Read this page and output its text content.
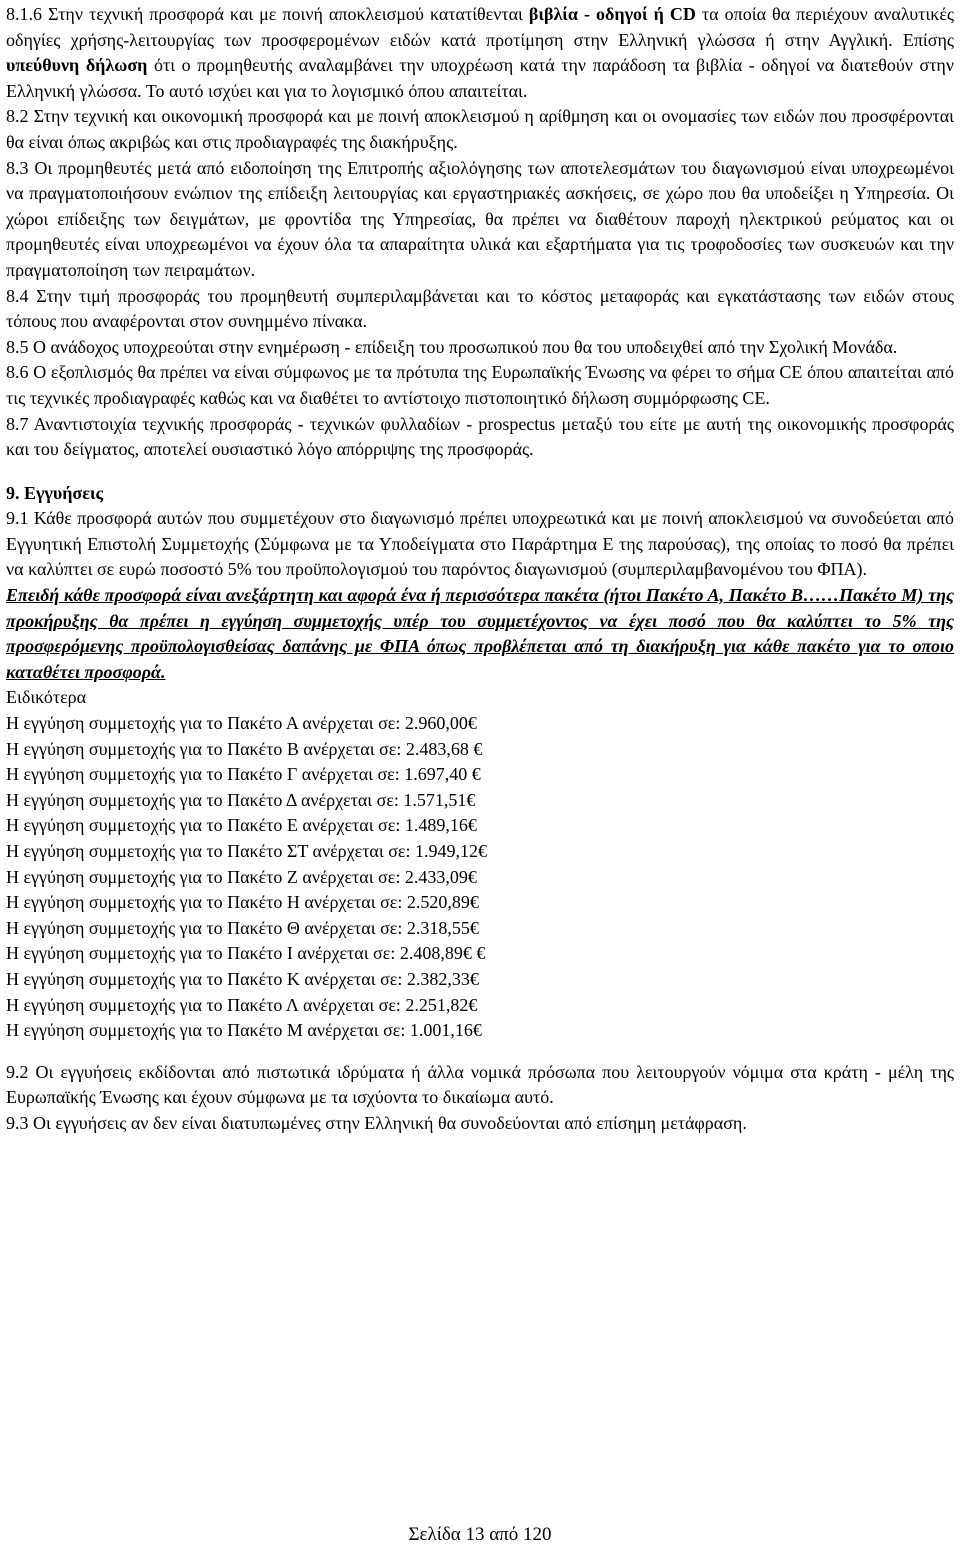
8.1.6 Στην τεχνική προσφορά και με ποινή αποκλεισμού κατατίθενται βιβλία - οδηγοί ή CD τα οποία θα περιέχουν αναλυτικές οδηγίες χρήσης-λειτουργίας των προσφερομένων ειδών κατά προτίμηση στην Ελληνική γλώσσα ή στην Αγγλική. Επίσης υπεύθυνη δήλωση ότι ο προμηθευτής αναλαμβάνει την υποχρέωση κατά την παράδοση τα βιβλία - οδηγοί να διατεθούν στην Ελληνική γλώσσα. Το αυτό ισχύει και για το λογισμικό όπου απαιτείται.

8.2 Στην τεχνική και οικονομική προσφορά και με ποινή αποκλεισμού η αρίθμηση και οι ονομασίες των ειδών που προσφέρονται θα είναι όπως ακριβώς και στις προδιαγραφές της διακήρυξης.

8.3 Οι προμηθευτές μετά από ειδοποίηση της Επιτροπής αξιολόγησης των αποτελεσμάτων του διαγωνισμού είναι υποχρεωμένοι να πραγματοποιήσουν ενώπιον της επίδειξη λειτουργίας και εργαστηριακές ασκήσεις, σε χώρο που θα υποδείξει η Υπηρεσία. Οι χώροι επίδειξης των δειγμάτων, με φροντίδα της Υπηρεσίας, θα πρέπει να διαθέτουν παροχή ηλεκτρικού ρεύματος και οι προμηθευτές είναι υποχρεωμένοι να έχουν όλα τα απαραίτητα υλικά και εξαρτήματα για τις τροφοδοσίες των συσκευών και την πραγματοποίηση των πειραμάτων.

8.4 Στην τιμή προσφοράς του προμηθευτή συμπεριλαμβάνεται και το κόστος μεταφοράς και εγκατάστασης των ειδών στους τόπους που αναφέρονται στον συνημμένο πίνακα.

8.5 Ο ανάδοχος υποχρεούται στην ενημέρωση - επίδειξη του προσωπικού που θα του υποδειχθεί από την Σχολική Μονάδα.

8.6 Ο εξοπλισμός θα πρέπει να είναι σύμφωνος με τα πρότυπα της Ευρωπαϊκής Ένωσης να φέρει το σήμα CE όπου απαιτείται από τις τεχνικές προδιαγραφές καθώς και να διαθέτει το αντίστοιχο πιστοποιητικό δήλωση συμμόρφωσης CE.

8.7 Αναντιστοιχία τεχνικής προσφοράς - τεχνικών φυλλαδίων - prospectus μεταξύ του είτε με αυτή της οικονομικής προσφοράς και του δείγματος, αποτελεί ουσιαστικό λόγο απόρριψης της προσφοράς.

9. Εγγυήσεις

9.1 Κάθε προσφορά αυτών που συμμετέχουν στο διαγωνισμό πρέπει υποχρεωτικά και με ποινή αποκλεισμού να συνοδεύεται από Εγγυητική Επιστολή Συμμετοχής (Σύμφωνα με τα Υποδείγματα στο Παράρτημα Ε της παρούσας), της οποίας το ποσό θα πρέπει να καλύπτει σε ευρώ ποσοστό 5% του προϋπολογισμού του παρόντος διαγωνισμού (συμπεριλαμβανομένου του ΦΠΑ).

Επειδή κάθε προσφορά είναι ανεξάρτητη και αφορά ένα ή περισσότερα πακέτα (ήτοι Πακέτο Α, Πακέτο Β……Πακέτο Μ) της προκήρυξης θα πρέπει η εγγύηση συμμετοχής υπέρ του συμμετέχοντος να έχει ποσό που θα καλύπτει το 5% της προσφερόμενης προϋπολογισθείσας δαπάνης με ΦΠΑ όπως προβλέπεται από τη διακήρυξη για κάθε πακέτο για το οποιο καταθέτει προσφορά.

Ειδικότερα

Η εγγύηση συμμετοχής για το Πακέτο Α ανέρχεται σε: 2.960,00€

Η εγγύηση συμμετοχής για το Πακέτο Β ανέρχεται σε: 2.483,68 €

Η εγγύηση συμμετοχής για το Πακέτο Γ ανέρχεται σε: 1.697,40 €

Η εγγύηση συμμετοχής για το Πακέτο Δ ανέρχεται σε: 1.571,51€

Η εγγύηση συμμετοχής για το Πακέτο Ε ανέρχεται σε: 1.489,16€

Η εγγύηση συμμετοχής για το Πακέτο ΣΤ ανέρχεται σε: 1.949,12€

Η εγγύηση συμμετοχής για το Πακέτο Ζ ανέρχεται σε: 2.433,09€

Η εγγύηση συμμετοχής για το Πακέτο Η ανέρχεται σε: 2.520,89€

Η εγγύηση συμμετοχής για το Πακέτο Θ ανέρχεται σε: 2.318,55€

Η εγγύηση συμμετοχής για το Πακέτο Ι ανέρχεται σε: 2.408,89€ €

Η εγγύηση συμμετοχής για το Πακέτο Κ ανέρχεται σε: 2.382,33€

Η εγγύηση συμμετοχής για το Πακέτο Λ ανέρχεται σε: 2.251,82€

Η εγγύηση συμμετοχής για το Πακέτο Μ ανέρχεται σε: 1.001,16€

9.2 Οι εγγυήσεις εκδίδονται από πιστωτικά ιδρύματα ή άλλα νομικά πρόσωπα που λειτουργούν νόμιμα στα κράτη - μέλη της Ευρωπαϊκής Ένωσης και έχουν σύμφωνα με τα ισχύοντα το δικαίωμα αυτό.

9.3 Οι εγγυήσεις αν δεν είναι διατυπωμένες στην Ελληνική θα συνοδεύονται από επίσημη μετάφραση.

Σελίδα 13 από 120
